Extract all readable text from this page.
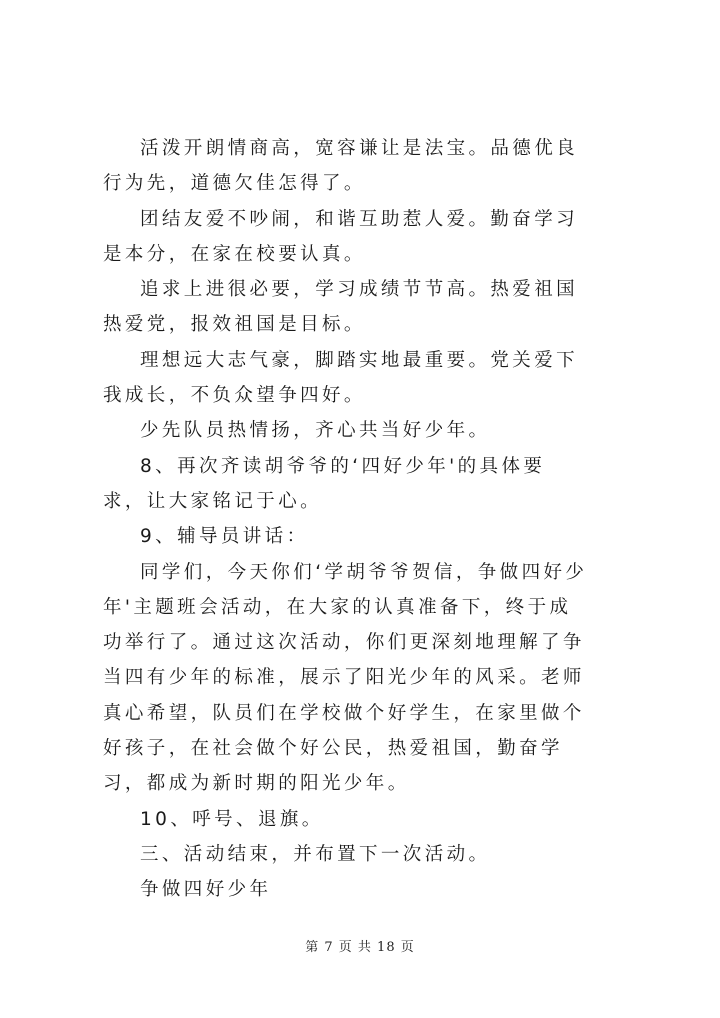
活泼开朗情商高，宽容谦让是法宝。品德优良行为先，道德欠佳怎得了。

团结友爱不吵闹，和谐互助惹人爱。勤奋学习是本分，在家在校要认真。

追求上进很必要，学习成绩节节高。热爱祖国热爱党，报效祖国是目标。

理想远大志气豪，脚踏实地最重要。党关爱下我成长，不负众望争四好。

少先队员热情扬，齐心共当好少年。

8、再次齐读胡爷爷的‘四好少年'的具体要求，让大家铭记于心。

9、辅导员讲话：

同学们，今天你们‘学胡爷爷贺信，争做四好少年'主题班会活动，在大家的认真准备下，终于成功举行了。通过这次活动，你们更深刻地理解了争当四有少年的标准，展示了阳光少年的风采。老师真心希望，队员们在学校做个好学生，在家里做个好孩子，在社会做个好公民，热爱祖国，勤奋学习，都成为新时期的阳光少年。

10、呼号、退旗。

三、活动结束，并布置下一次活动。

争做四好少年

第 7 页 共 18 页
